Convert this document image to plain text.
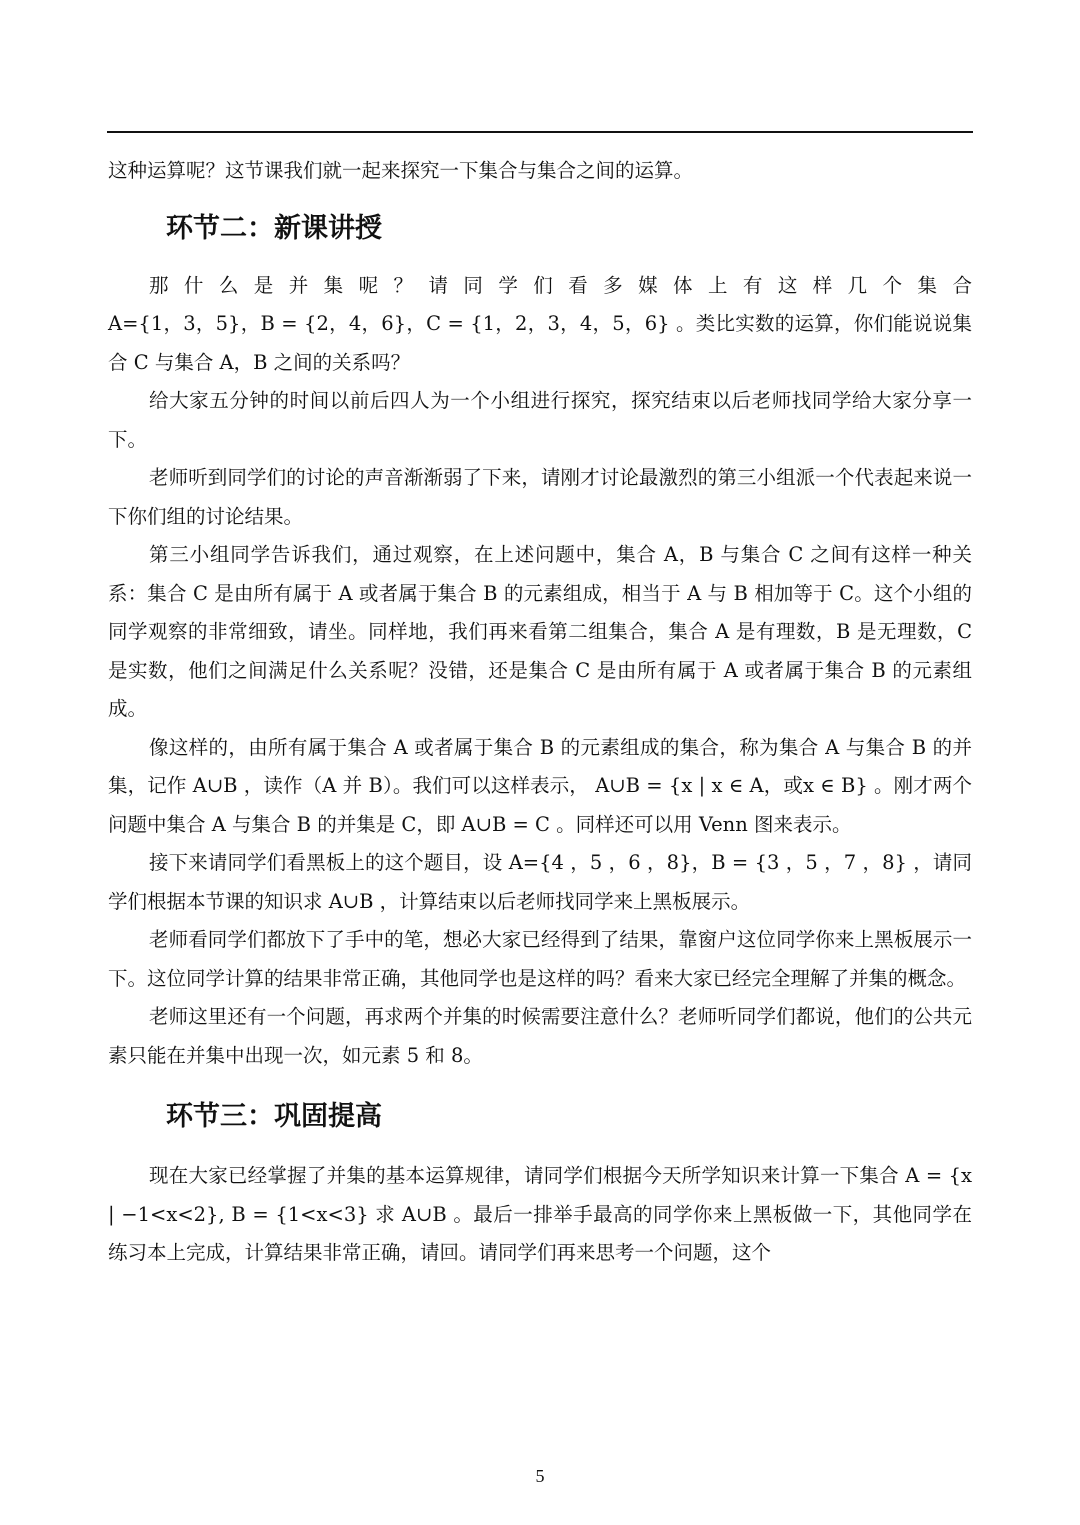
这种运算呢？这节课我们就一起来探究一下集合与集合之间的运算。

环节二：新课讲授

那什么是并集呢？请同学们看多媒体上有这样几个集合

A={1，3，5}，B = {2，4，6}，C = {1，2，3，4，5，6} 。类比实数的运算，你们能说说集合 C 与集合 A，B 之间的关系吗？

给大家五分钟的时间以前后四人为一个小组进行探究，探究结束以后老师找同学给大家分享一下。

老师听到同学们的讨论的声音渐渐弱了下来，请刚才讨论最激烈的第三小组派一个代表起来说一下你们组的讨论结果。

第三小组同学告诉我们，通过观察，在上述问题中，集合 A，B 与集合 C 之间有这样一种关系：集合 C 是由所有属于 A 或者属于集合 B 的元素组成，相当于 A 与 B 相加等于 C。这个小组的同学观察的非常细致，请坐。同样地，我们再来看第二组集合，集合 A 是有理数，B 是无理数，C 是实数，他们之间满足什么关系呢？没错，还是集合 C 是由所有属于 A 或者属于集合 B 的元素组成。

像这样的，由所有属于集合 A 或者属于集合 B 的元素组成的集合，称为集合 A 与集合 B 的并集，记作 A∪B ，读作（A 并 B）。我们可以这样表示， A∪B = {x | x ∈ A，或x ∈ B} 。刚才两个问题中集合 A 与集合 B 的并集是 C，即 A∪B = C 。同样还可以用 Venn 图来表示。

接下来请同学们看黑板上的这个题目，设 A={4 ，5 ，6 ，8}，B = {3 ，5 ，7 ，8} ，请同学们根据本节课的知识求 A∪B ，计算结束以后老师找同学来上黑板展示。

老师看同学们都放下了手中的笔，想必大家已经得到了结果，靠窗户这位同学你来上黑板展示一下。这位同学计算的结果非常正确，其他同学也是这样的吗？看来大家已经完全理解了并集的概念。

老师这里还有一个问题，再求两个并集的时候需要注意什么？老师听同学们都说，他们的公共元素只能在并集中出现一次，如元素 5 和 8。

环节三：巩固提高

现在大家已经掌握了并集的基本运算规律，请同学们根据今天所学知识来计算一下集合 A = {x | −1<x<2}, B = {1<x<3} 求 A∪B 。最后一排举手最高的同学你来上黑板做一下，其他同学在练习本上完成，计算结果非常正确，请回。请同学们再来思考一个问题，这个

5
